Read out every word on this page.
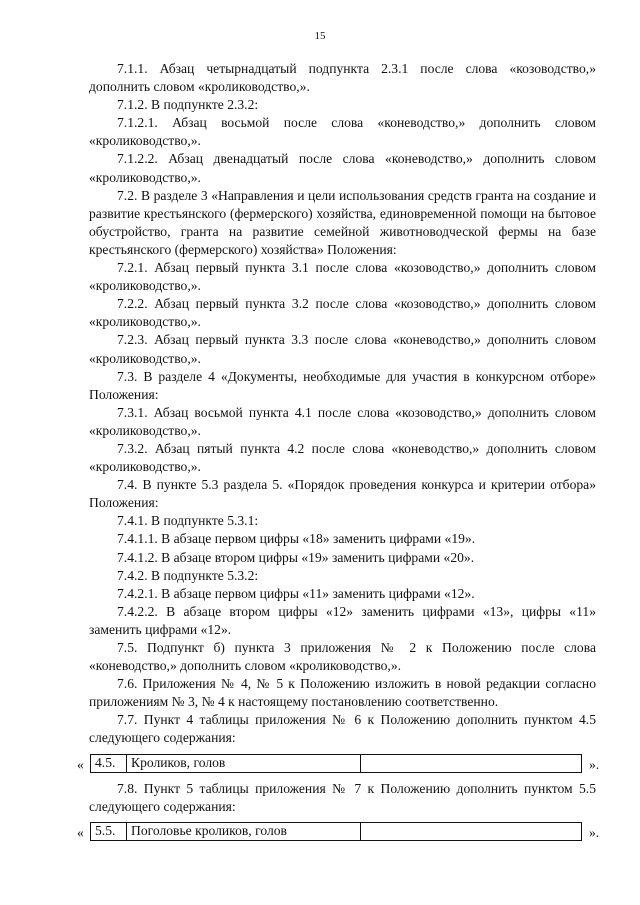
15

7.1.1. Абзац четырнадцатый подпункта 2.3.1 после слова «козоводство,» дополнить словом «кролиководство,».

7.1.2. В подпункте 2.3.2:

7.1.2.1. Абзац восьмой после слова «коневодство,» дополнить словом «кролиководство,».

7.1.2.2. Абзац двенадцатый после слова «коневодство,» дополнить словом «кролиководство,».

7.2. В разделе 3 «Направления и цели использования средств гранта на создание и развитие крестьянского (фермерского) хозяйства, единовременной помощи на бытовое обустройство, гранта на развитие семейной животноводческой фермы на базе крестьянского (фермерского) хозяйства» Положения:

7.2.1. Абзац первый пункта 3.1 после слова «козоводство,» дополнить словом «кролиководство,».

7.2.2. Абзац первый пункта 3.2 после слова «козоводство,» дополнить словом «кролиководство,».

7.2.3. Абзац первый пункта 3.3 после слова «коневодство,» дополнить словом «кролиководство,».

7.3. В разделе 4 «Документы, необходимые для участия в конкурсном отборе» Положения:

7.3.1. Абзац восьмой пункта 4.1 после слова «козоводство,» дополнить словом «кролиководство,».

7.3.2. Абзац пятый пункта 4.2 после слова «коневодство,» дополнить словом «кролиководство,».

7.4. В пункте 5.3 раздела 5. «Порядок проведения конкурса и критерии отбора» Положения:

7.4.1. В подпункте 5.3.1:

7.4.1.1. В абзаце первом цифры «18» заменить цифрами «19».

7.4.1.2. В абзаце втором цифры «19» заменить цифрами «20».

7.4.2. В подпункте 5.3.2:

7.4.2.1. В абзаце первом цифры «11» заменить цифрами «12».

7.4.2.2. В абзаце втором цифры «12» заменить цифрами «13», цифры «11» заменить цифрами «12».

7.5. Подпункт б) пункта 3 приложения № 2 к Положению после слова «коневодство,» дополнить словом «кролиководство,».

7.6. Приложения № 4, № 5 к Положению изложить в новой редакции согласно приложениям № 3, № 4 к настоящему постановлению соответственно.

7.7. Пункт 4 таблицы приложения № 6 к Положению дополнить пунктом 4.5 следующего содержания:

« 4.5.	Кроликов, голов		».

7.8. Пункт 5 таблицы приложения № 7 к Положению дополнить пунктом 5.5 следующего содержания:

« 5.5.	Поголовье кроликов, голов		».
